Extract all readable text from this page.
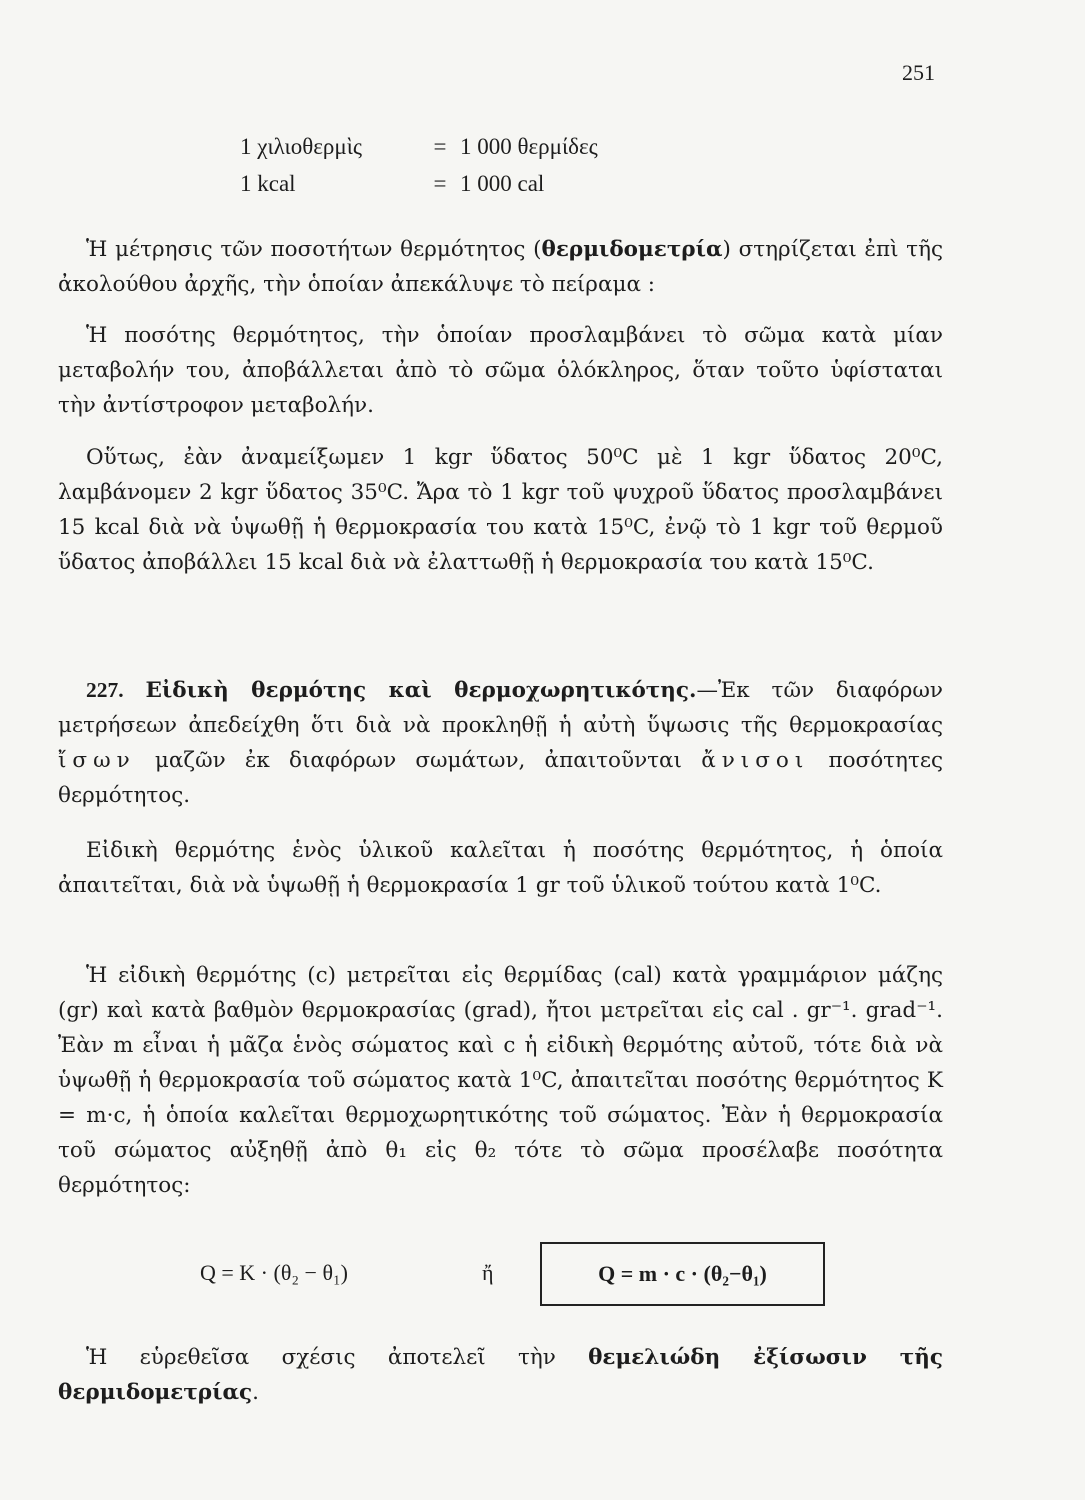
251
1 χιλιοθερμὶς	= 1 000 θερμίδες
1 kcal	= 1 000 cal

Ἡ μέτρησις τῶν ποσοτήτων θερμότητος (θερμιδομετρία) στηρίζεται ἐπὶ τῆς ἀκολούθου ἀρχῆς, τὴν ὁποίαν ἀπεκάλυψε τὸ πείραμα :

Ἡ ποσότης θερμότητος, τὴν ὁποίαν προσλαμβάνει τὸ σῶμα κατὰ μίαν μεταβολήν του, ἀποβάλλεται ἀπὸ τὸ σῶμα ὁλόκληρος, ὅταν τοῦτο ὑφίσταται τὴν ἀντίστροφον μεταβολήν.

Οὕτως, ἐὰν ἀναμείξωμεν 1 kgr ὕδατος 50⁰C μὲ 1 kgr ὕδατος 20⁰C, λαμβάνομεν 2 kgr ὕδατος 35⁰C. Ἄρα τὸ 1 kgr τοῦ ψυχροῦ ὕδατος προσλαμβάνει 15 kcal διὰ νὰ ὑψωθῇ ἡ θερμοκρασία του κατὰ 15⁰C, ἐνῷ τὸ 1 kgr τοῦ θερμοῦ ὕδατος ἀποβάλλει 15 kcal διὰ νὰ ἐλαττωθῇ ἡ θερμοκρασία του κατὰ 15⁰C.

227. Εἰδικὴ θερμότης καὶ θερμοχωρητικότης.—Ἐκ τῶν διαφόρων μετρήσεων ἀπεδείχθη ὅτι διὰ νὰ προκληθῇ ἡ αὐτὴ ὕψωσις τῆς θερμοκρασίας ἴσων μαζῶν ἐκ διαφόρων σωμάτων, ἀπαιτοῦνται ἄνισοι ποσότητες θερμότητος.

Εἰδικὴ θερμότης ἑνὸς ὑλικοῦ καλεῖται ἡ ποσότης θερμότητος, ἡ ὁποία ἀπαιτεῖται, διὰ νὰ ὑψωθῇ ἡ θερμοκρασία 1 gr τοῦ ὑλικοῦ τούτου κατὰ 1⁰C.

Ἡ εἰδικὴ θερμότης (c) μετρεῖται εἰς θερμίδας (cal) κατὰ γραμμάριον μάζης (gr) καὶ κατὰ βαθμὸν θερμοκρασίας (grad), ἤτοι μετρεῖται εἰς cal . gr⁻¹. grad⁻¹. Ἐὰν m εἶναι ἡ μᾶζα ἑνὸς σώματος καὶ c ἡ εἰδικὴ θερμότης αὐτοῦ, τότε διὰ νὰ ὑψωθῇ ἡ θερμοκρασία τοῦ σώματος κατὰ 1⁰C, ἀπαιτεῖται ποσότης θερμότητος K = m·c, ἡ ὁποία καλεῖται θερμοχωρητικότης τοῦ σώματος. Ἐὰν ἡ θερμοκρασία τοῦ σώματος αὐξηθῇ ἀπὸ θ₁ εἰς θ₂ τότε τὸ σῶμα προσέλαβε ποσότητα θερμότητος:

Q = K · (θ₂ − θ₁)	ἤ	Q = m · c · (θ₂−θ₁)

Ἡ εὑρεθεῖσα σχέσις ἀποτελεῖ τὴν θεμελιώδη ἐξίσωσιν τῆς θερμιδομετρίας.
